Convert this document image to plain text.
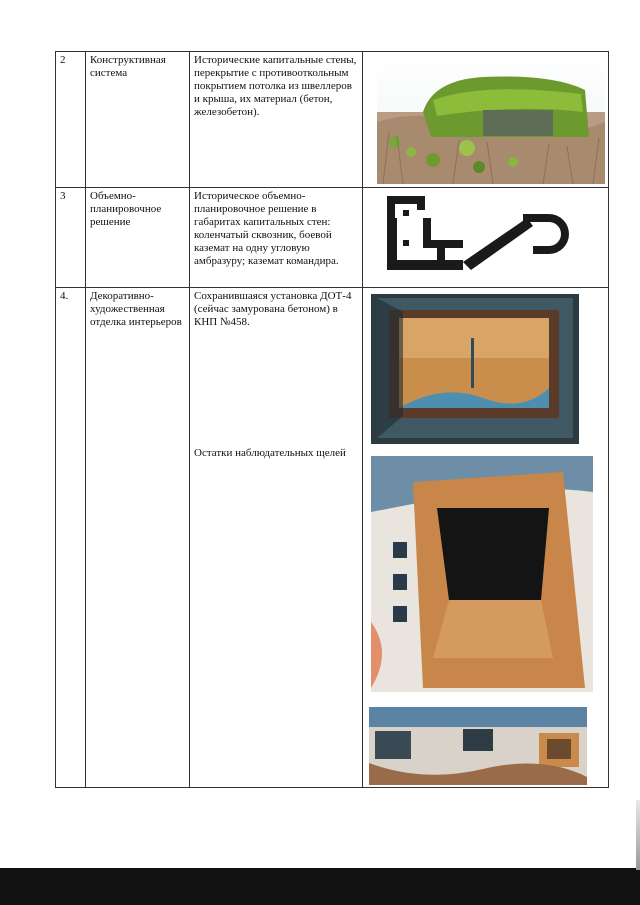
2	Конструктивная система	Исторические капитальные стены, перекрытие с противооткольным покрытием потолка из швеллеров и крыша, их материал (бетон, железобетон).	

3	Объемно-планировочное решение	Историческое объемно-планировочное решение в габаритах капитальных стен: коленчатый сквозник, боевой каземат на одну угловую амбразуру; каземат командира.	

4.	Декоративно-художественная отделка интерьеров	Сохранившаяся установка ДОТ-4 (сейчас замурована бетоном) в КНП №458.
Остатки наблюдательных щелей
